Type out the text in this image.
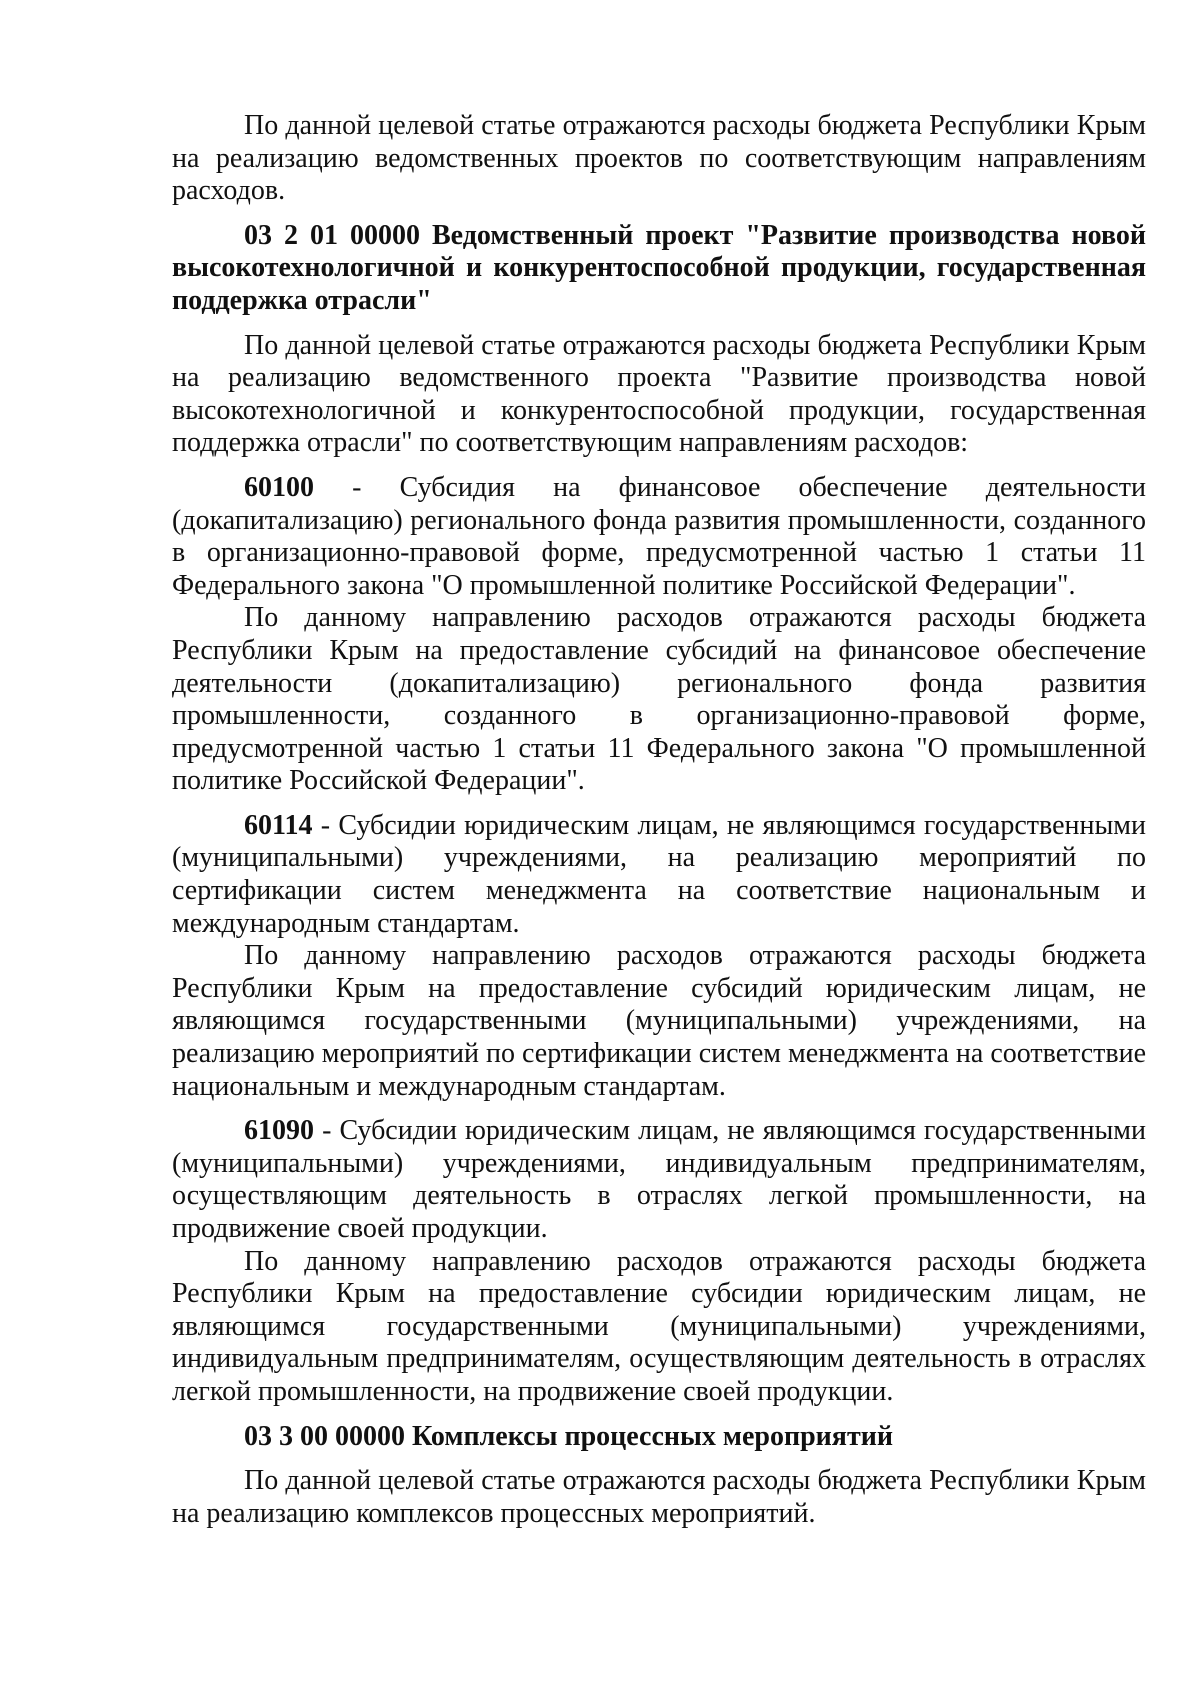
По данной целевой статье отражаются расходы бюджета Республики Крым на реализацию ведомственных проектов по соответствующим направлениям расходов.

03 2 01 00000 Ведомственный проект "Развитие производства новой высокотехнологичной и конкурентоспособной продукции, государственная поддержка отрасли"

По данной целевой статье отражаются расходы бюджета Республики Крым на реализацию ведомственного проекта "Развитие производства новой высокотехнологичной и конкурентоспособной продукции, государственная поддержка отрасли" по соответствующим направлениям расходов:

60100 - Субсидия на финансовое обеспечение деятельности (докапитализацию) регионального фонда развития промышленности, созданного в организационно-правовой форме, предусмотренной частью 1 статьи 11 Федерального закона "О промышленной политике Российской Федерации".

По данному направлению расходов отражаются расходы бюджета Республики Крым на предоставление субсидий на финансовое обеспечение деятельности (докапитализацию) регионального фонда развития промышленности, созданного в организационно-правовой форме, предусмотренной частью 1 статьи 11 Федерального закона "О промышленной политике Российской Федерации".

60114 - Субсидии юридическим лицам, не являющимся государственными (муниципальными) учреждениями, на реализацию мероприятий по сертификации систем менеджмента на соответствие национальным и международным стандартам.

По данному направлению расходов отражаются расходы бюджета Республики Крым на предоставление субсидий юридическим лицам, не являющимся государственными (муниципальными) учреждениями, на реализацию мероприятий по сертификации систем менеджмента на соответствие национальным и международным стандартам.

61090 - Субсидии юридическим лицам, не являющимся государственными (муниципальными) учреждениями, индивидуальным предпринимателям, осуществляющим деятельность в отраслях легкой промышленности, на продвижение своей продукции.

По данному направлению расходов отражаются расходы бюджета Республики Крым на предоставление субсидии юридическим лицам, не являющимся государственными (муниципальными) учреждениями, индивидуальным предпринимателям, осуществляющим деятельность в отраслях легкой промышленности, на продвижение своей продукции.

03 3 00 00000 Комплексы процессных мероприятий

По данной целевой статье отражаются расходы бюджета Республики Крым на реализацию комплексов процессных мероприятий.
